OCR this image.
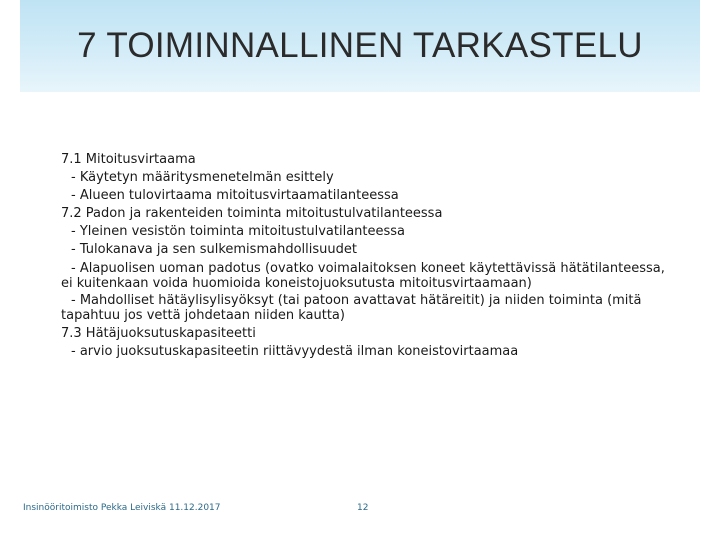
7 TOIMINNALLINEN TARKASTELU
7.1 Mitoitusvirtaama
- Käytetyn määritysmenetelmän esittely
- Alueen tulovirtaama mitoitusvirtaamatilanteessa
7.2 Padon ja rakenteiden toiminta mitoitustulvatilanteessa
- Yleinen vesistön toiminta mitoitustulvatilanteessa
- Tulokanava ja sen sulkemismahdollisuudet
- Alapuolisen uoman padotus (ovatko voimalaitoksen koneet käytettävissä hätätilanteessa, ei kuitenkaan voida huomioida koneistojuoksutusta mitoitusvirtaamaan)
- Mahdolliset hätäylisylisyöksyt (tai patoon avattavat hätäreitit) ja niiden toiminta (mitä tapahtuu jos vettä johdetaan niiden kautta)
7.3 Hätäjuoksutuskapasiteetti
- arvio juoksutuskapasiteetin riittävyydestä ilman koneistovirtaamaa
Insinööritoimisto Pekka Leiviskä 11.12.2017	12
